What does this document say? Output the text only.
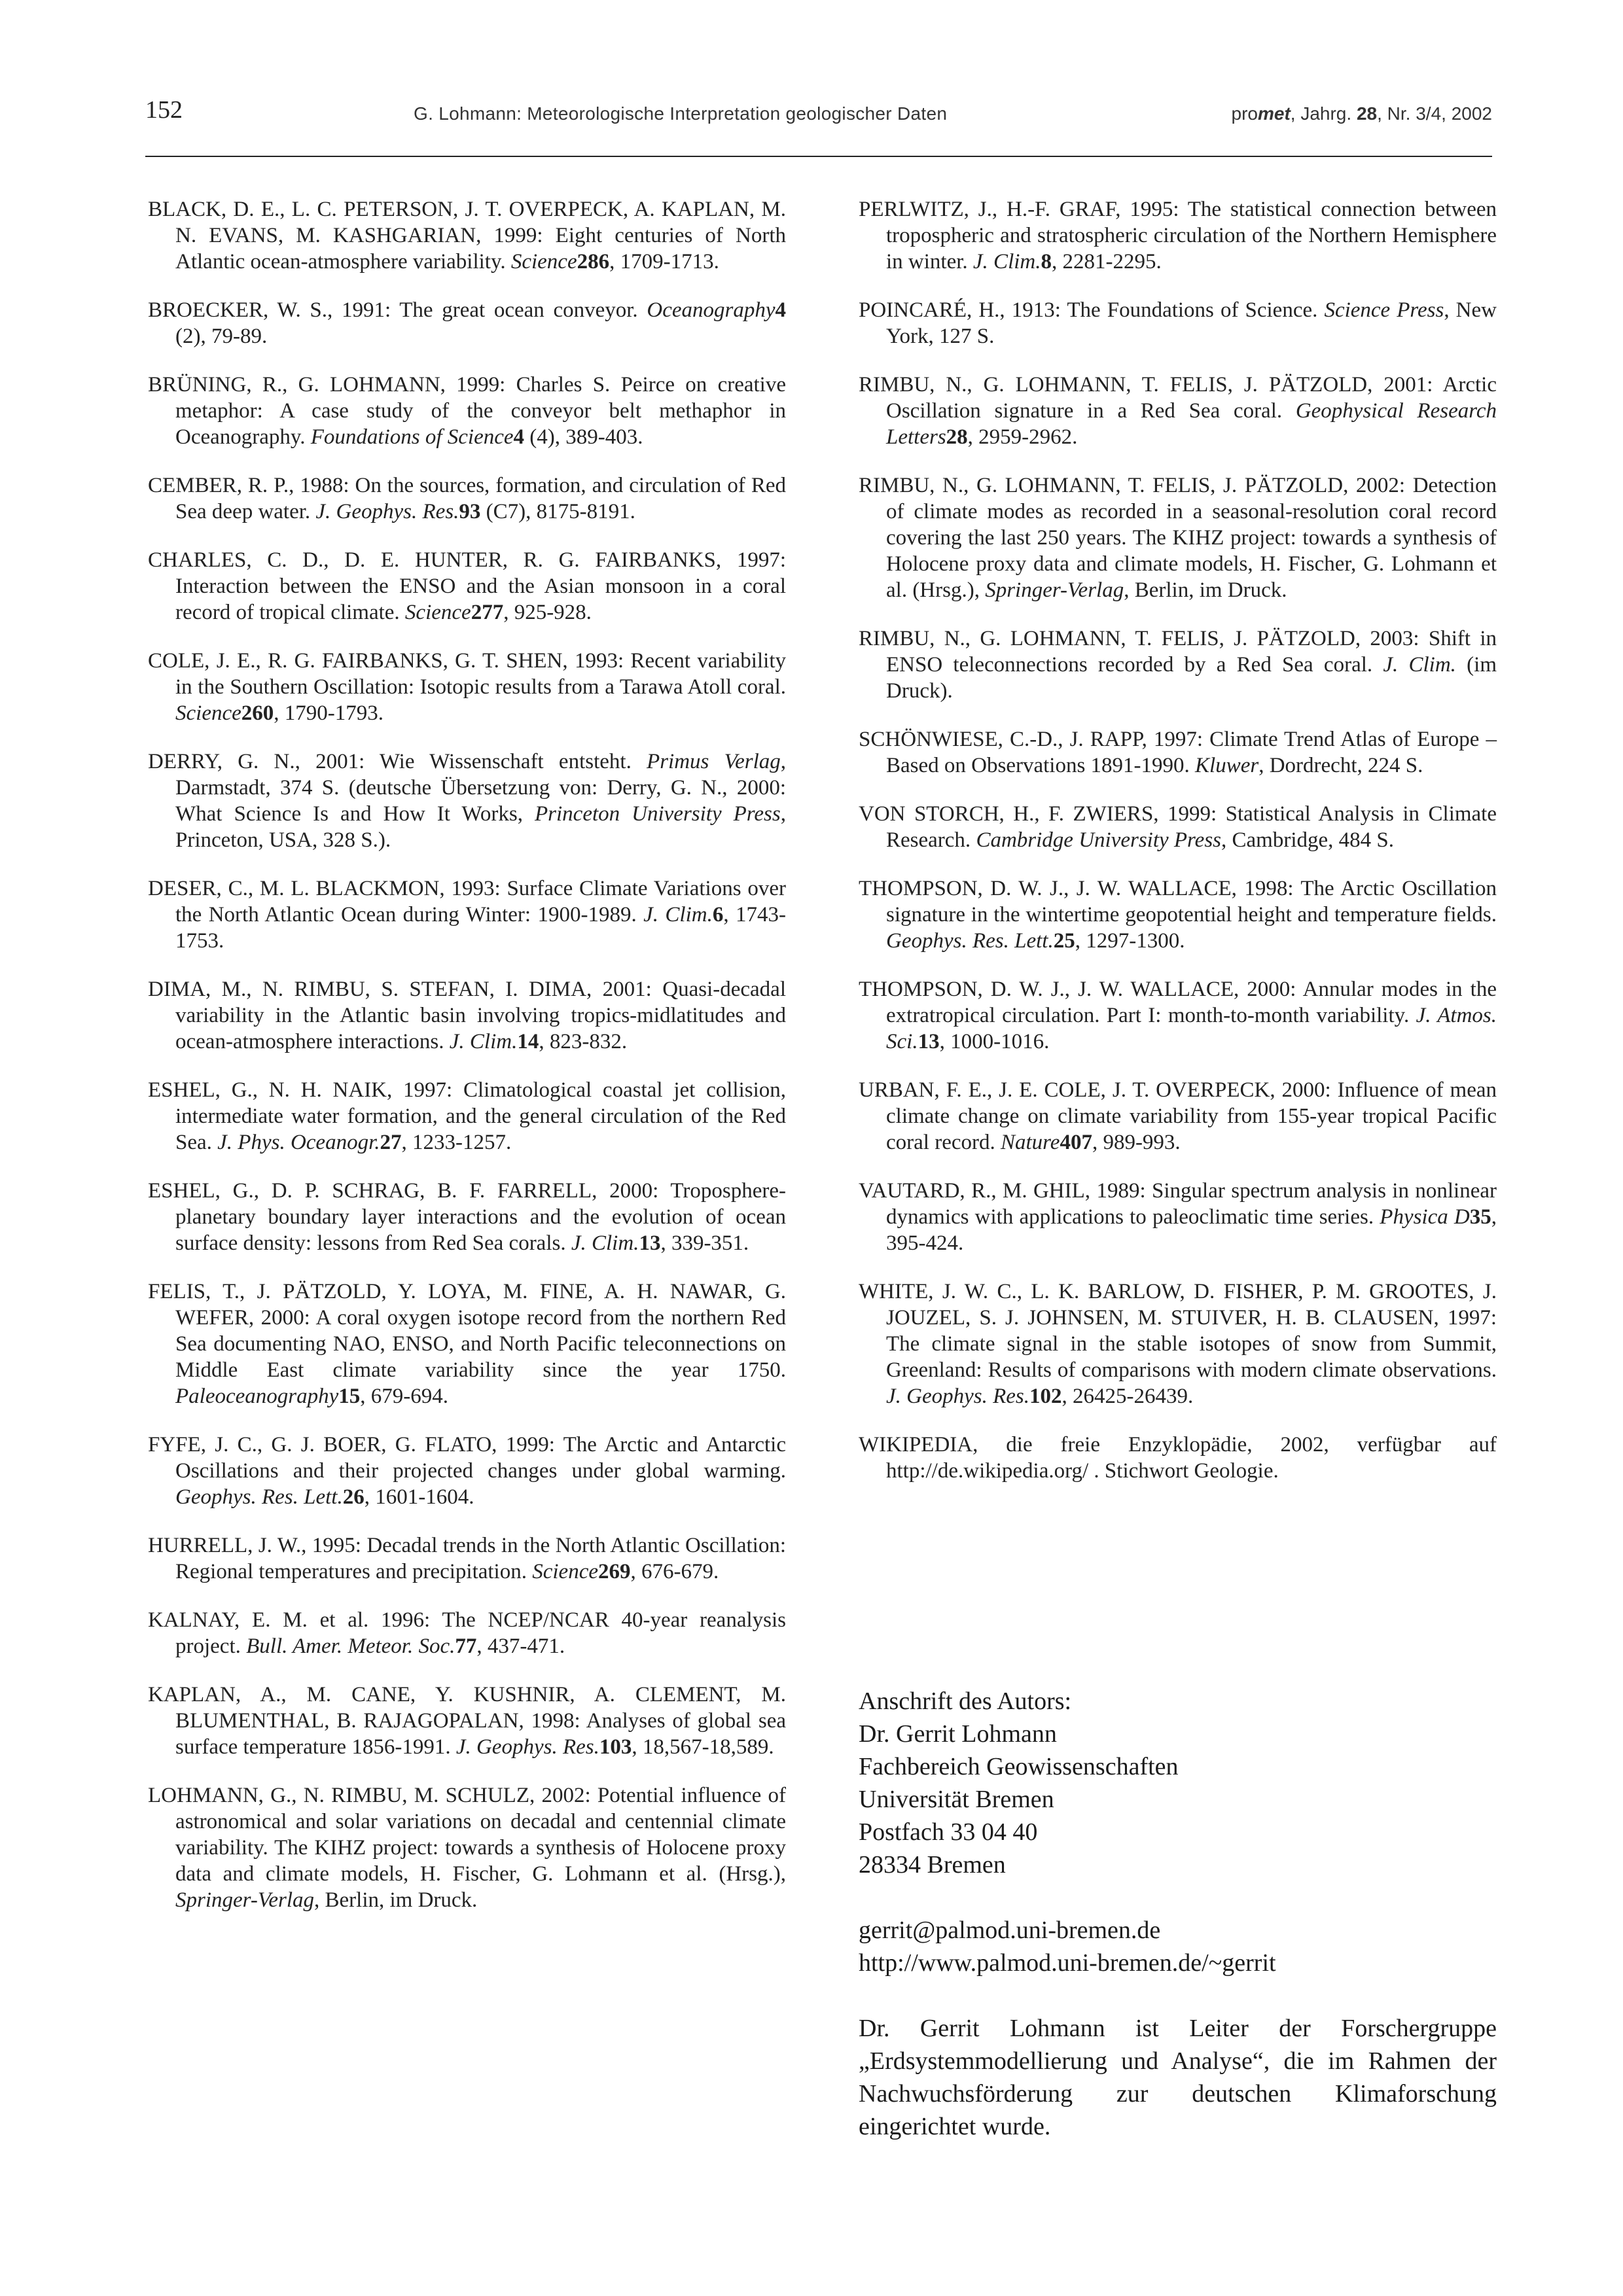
152	G. Lohmann: Meteorologische Interpretation geologischer Daten	promet, Jahrg. 28, Nr. 3/4, 2002

BLACK, D. E., L. C. PETERSON, J. T. OVERPECK, A. KAPLAN, M. N. EVANS, M. KASHGARIAN, 1999: Eight centuries of North Atlantic ocean-atmosphere variability. Science286, 1709-1713.

BROECKER, W. S., 1991: The great ocean conveyor. Oceanography4 (2), 79-89.

BRÜNING, R., G. LOHMANN, 1999: Charles S. Peirce on creative metaphor: A case study of the conveyor belt methaphor in Oceanography. Foundations of Science4 (4), 389-403.

CEMBER, R. P., 1988: On the sources, formation, and circulation of Red Sea deep water. J. Geophys. Res.93 (C7), 8175-8191.

CHARLES, C. D., D. E. HUNTER, R. G. FAIRBANKS, 1997: Interaction between the ENSO and the Asian monsoon in a coral record of tropical climate. Science277, 925-928.

COLE, J. E., R. G. FAIRBANKS, G. T. SHEN, 1993: Recent variability in the Southern Oscillation: Isotopic results from a Tarawa Atoll coral. Science260, 1790-1793.

DERRY, G. N., 2001: Wie Wissenschaft entsteht. Primus Verlag, Darmstadt, 374 S. (deutsche Übersetzung von: Derry, G. N., 2000: What Science Is and How It Works, Princeton University Press, Princeton, USA, 328 S.).

DESER, C., M. L. BLACKMON, 1993: Surface Climate Variations over the North Atlantic Ocean during Winter: 1900-1989. J. Clim.6, 1743-1753.

DIMA, M., N. RIMBU, S. STEFAN, I. DIMA, 2001: Quasi-decadal variability in the Atlantic basin involving tropics-midlatitudes and ocean-atmosphere interactions. J. Clim.14, 823-832.

ESHEL, G., N. H. NAIK, 1997: Climatological coastal jet collision, intermediate water formation, and the general circulation of the Red Sea. J. Phys. Oceanogr.27, 1233-1257.

ESHEL, G., D. P. SCHRAG, B. F. FARRELL, 2000: Troposphere-planetary boundary layer interactions and the evolution of ocean surface density: lessons from Red Sea corals. J. Clim.13, 339-351.

FELIS, T., J. PÄTZOLD, Y. LOYA, M. FINE, A. H. NAWAR, G. WEFER, 2000: A coral oxygen isotope record from the northern Red Sea documenting NAO, ENSO, and North Pacific teleconnections on Middle East climate variability since the year 1750. Paleoceanography15, 679-694.

FYFE, J. C., G. J. BOER, G. FLATO, 1999: The Arctic and Antarctic Oscillations and their projected changes under global warming. Geophys. Res. Lett.26, 1601-1604.

HURRELL, J. W., 1995: Decadal trends in the North Atlantic Oscillation: Regional temperatures and precipitation. Science269, 676-679.

KALNAY, E. M. et al. 1996: The NCEP/NCAR 40-year reanalysis project. Bull. Amer. Meteor. Soc.77, 437-471.

KAPLAN, A., M. CANE, Y. KUSHNIR, A. CLEMENT, M. BLUMENTHAL, B. RAJAGOPALAN, 1998: Analyses of global sea surface temperature 1856-1991. J. Geophys. Res.103, 18,567-18,589.

LOHMANN, G., N. RIMBU, M. SCHULZ, 2002: Potential influence of astronomical and solar variations on decadal and centennial climate variability. The KIHZ project: towards a synthesis of Holocene proxy data and climate models, H. Fischer, G. Lohmann et al. (Hrsg.), Springer-Verlag, Berlin, im Druck.

PERLWITZ, J., H.-F. GRAF, 1995: The statistical connection between tropospheric and stratospheric circulation of the Northern Hemisphere in winter. J. Clim.8, 2281-2295.

POINCARÉ, H., 1913: The Foundations of Science. Science Press, New York, 127 S.

RIMBU, N., G. LOHMANN, T. FELIS, J. PÄTZOLD, 2001: Arctic Oscillation signature in a Red Sea coral. Geophysical Research Letters28, 2959-2962.

RIMBU, N., G. LOHMANN, T. FELIS, J. PÄTZOLD, 2002: Detection of climate modes as recorded in a seasonal-resolution coral record covering the last 250 years. The KIHZ project: towards a synthesis of Holocene proxy data and climate models, H. Fischer, G. Lohmann et al. (Hrsg.), Springer-Verlag, Berlin, im Druck.

RIMBU, N., G. LOHMANN, T. FELIS, J. PÄTZOLD, 2003: Shift in ENSO teleconnections recorded by a Red Sea coral. J. Clim. (im Druck).

SCHÖNWIESE, C.-D., J. RAPP, 1997: Climate Trend Atlas of Europe – Based on Observations 1891-1990. Kluwer, Dordrecht, 224 S.

VON STORCH, H., F. ZWIERS, 1999: Statistical Analysis in Climate Research. Cambridge University Press, Cambridge, 484 S.

THOMPSON, D. W. J., J. W. WALLACE, 1998: The Arctic Oscillation signature in the wintertime geopotential height and temperature fields. Geophys. Res. Lett.25, 1297-1300.

THOMPSON, D. W. J., J. W. WALLACE, 2000: Annular modes in the extratropical circulation. Part I: month-to-month variability. J. Atmos. Sci.13, 1000-1016.

URBAN, F. E., J. E. COLE, J. T. OVERPECK, 2000: Influence of mean climate change on climate variability from 155-year tropical Pacific coral record. Nature407, 989-993.

VAUTARD, R., M. GHIL, 1989: Singular spectrum analysis in nonlinear dynamics with applications to paleoclimatic time series. Physica D35, 395-424.

WHITE, J. W. C., L. K. BARLOW, D. FISHER, P. M. GROOTES, J. JOUZEL, S. J. JOHNSEN, M. STUIVER, H. B. CLAUSEN, 1997: The climate signal in the stable isotopes of snow from Summit, Greenland: Results of comparisons with modern climate observations. J. Geophys. Res.102, 26425-26439.

WIKIPEDIA, die freie Enzyklopädie, 2002, verfügbar auf http://de.wikipedia.org/ . Stichwort Geologie.

Anschrift des Autors:
Dr. Gerrit Lohmann
Fachbereich Geowissenschaften
Universität Bremen
Postfach 33 04 40
28334 Bremen
gerrit@palmod.uni-bremen.de
http://www.palmod.uni-bremen.de/~gerrit
Dr. Gerrit Lohmann ist Leiter der Forschergruppe „Erdsystemmodellierung und Analyse“, die im Rahmen der Nachwuchsförderung zur deutschen Klimaforschung eingerichtet wurde.
